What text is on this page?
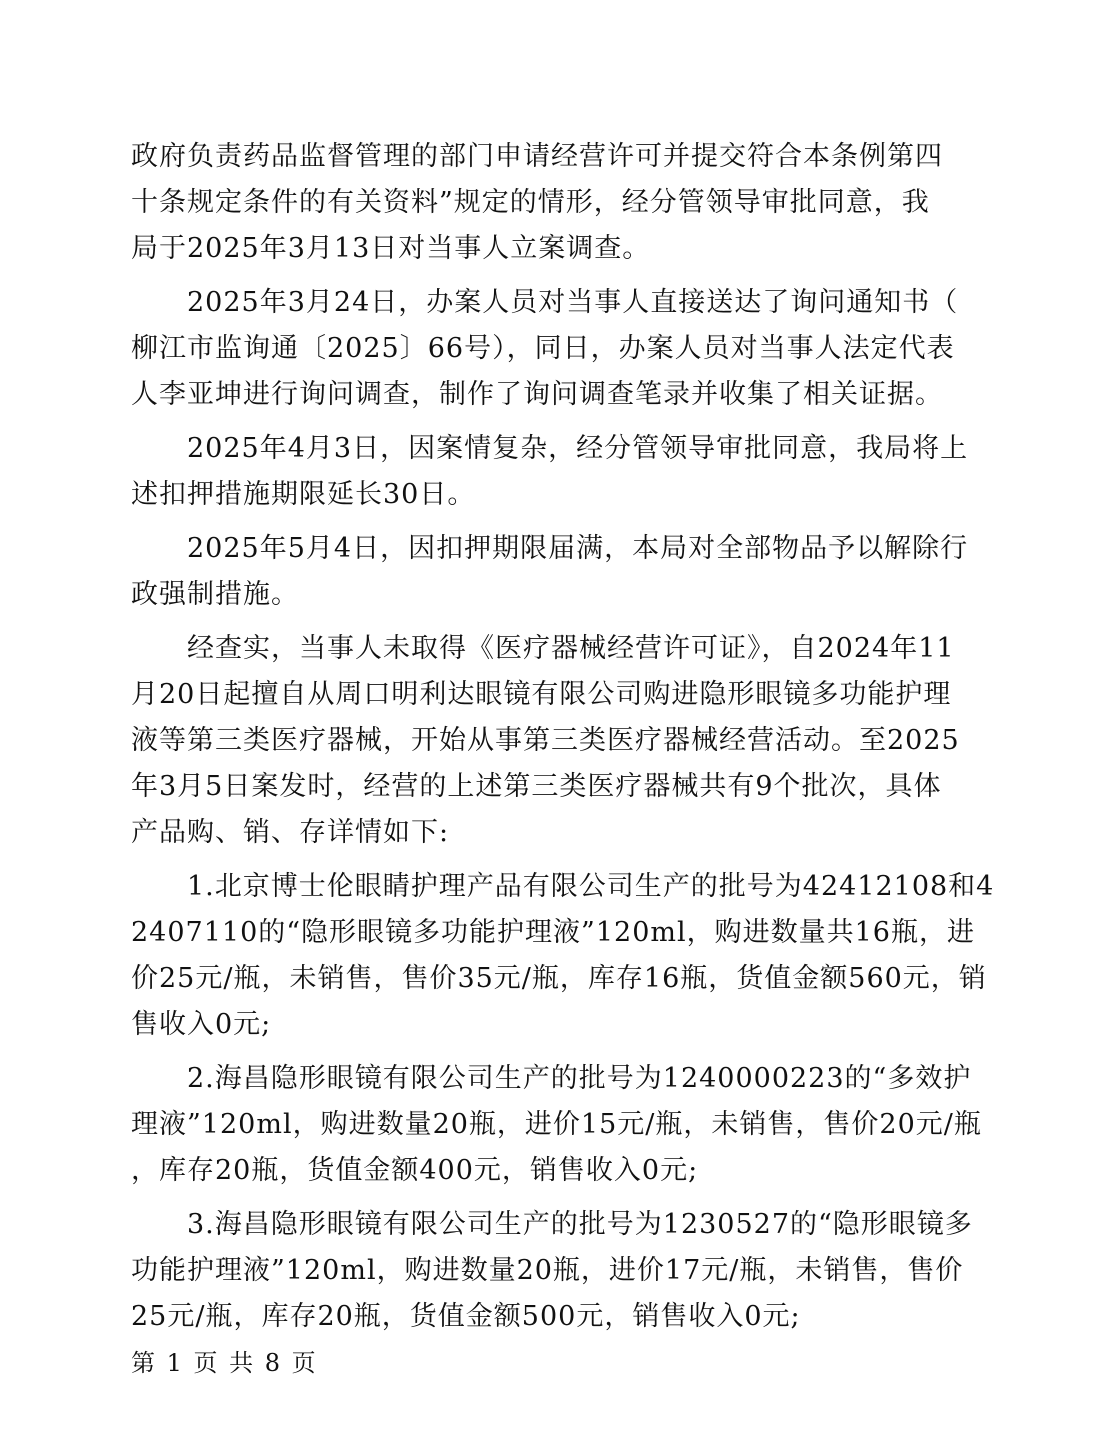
政府负责药品监督管理的部门申请经营许可并提交符合本条例第四
十条规定条件的有关资料”规定的情形，经分管领导审批同意，我
局于2025年3月13日对当事人立案调查。
2025年3月24日，办案人员对当事人直接送达了询问通知书（
柳江市监询通〔2025〕66号），同日，办案人员对当事人法定代表
人李亚坤进行询问调查，制作了询问调查笔录并收集了相关证据。
2025年4月3日，因案情复杂，经分管领导审批同意，我局将上
述扣押措施期限延长30日。
2025年5月4日，因扣押期限届满，本局对全部物品予以解除行
政强制措施。
经查实，当事人未取得《医疗器械经营许可证》，自2024年11
月20日起擅自从周口明利达眼镜有限公司购进隐形眼镜多功能护理
液等第三类医疗器械，开始从事第三类医疗器械经营活动。至2025
年3月5日案发时，经营的上述第三类医疗器械共有9个批次，具体
产品购、销、存详情如下:
1.北京博士伦眼睛护理产品有限公司生产的批号为42412108和4
2407110的“隐形眼镜多功能护理液”120ml，购进数量共16瓶，进
价25元/瓶，未销售，售价35元/瓶，库存16瓶，货值金额560元，销
售收入0元;
2.海昌隐形眼镜有限公司生产的批号为1240000223的“多效护
理液”120ml，购进数量20瓶，进价15元/瓶，未销售，售价20元/瓶
，库存20瓶，货值金额400元，销售收入0元;
3.海昌隐形眼镜有限公司生产的批号为1230527的“隐形眼镜多
功能护理液”120ml，购进数量20瓶，进价17元/瓶，未销售，售价
25元/瓶，库存20瓶，货值金额500元，销售收入0元;
第 1 页 共 8 页
